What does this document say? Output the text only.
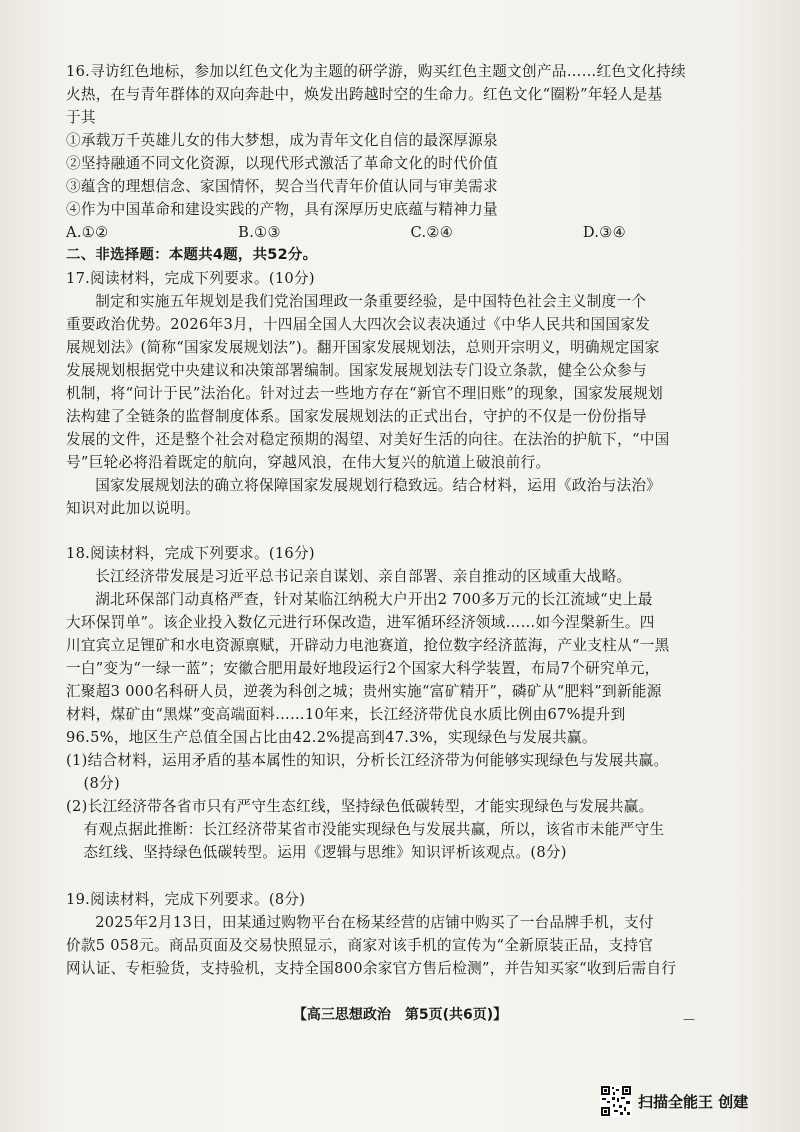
16.寻访红色地标，参加以红色文化为主题的研学游，购买红色主题文创产品……红色文化持续

火热，在与青年群体的双向奔赴中，焕发出跨越时空的生命力。红色文化“圈粉”年轻人是基

于其

①承载万千英雄儿女的伟大梦想，成为青年文化自信的最深厚源泉

②坚持融通不同文化资源，以现代形式激活了革命文化的时代价值

③蕴含的理想信念、家国情怀，契合当代青年价值认同与审美需求

④作为中国革命和建设实践的产物，具有深厚历史底蕴与精神力量

A.①②	B.①③	C.②④	D.③④

二、非选择题：本题共4题，共52分。

17.阅读材料，完成下列要求。(10分)

制定和实施五年规划是我们党治国理政一条重要经验，是中国特色社会主义制度一个

重要政治优势。2026年3月，十四届全国人大四次会议表决通过《中华人民共和国国家发

展规划法》(简称“国家发展规划法”)。翻开国家发展规划法，总则开宗明义，明确规定国家

发展规划根据党中央建议和决策部署编制。国家发展规划法专门设立条款，健全公众参与

机制，将“问计于民”法治化。针对过去一些地方存在“新官不理旧账”的现象，国家发展规划

法构建了全链条的监督制度体系。国家发展规划法的正式出台，守护的不仅是一份份指导

发展的文件，还是整个社会对稳定预期的渴望、对美好生活的向往。在法治的护航下，“中国

号”巨轮必将沿着既定的航向，穿越风浪，在伟大复兴的航道上破浪前行。

国家发展规划法的确立将保障国家发展规划行稳致远。结合材料，运用《政治与法治》

知识对此加以说明。

18.阅读材料，完成下列要求。(16分)

长江经济带发展是习近平总书记亲自谋划、亲自部署、亲自推动的区域重大战略。

湖北环保部门动真格严查，针对某临江纳税大户开出2 700多万元的长江流域“史上最

大环保罚单”。该企业投入数亿元进行环保改造，进军循环经济领域……如今涅槃新生。四

川宜宾立足锂矿和水电资源禀赋，开辟动力电池赛道，抢位数字经济蓝海，产业支柱从“一黑

一白”变为“一绿一蓝”；安徽合肥用最好地段运行2个国家大科学装置，布局7个研究单元，

汇聚超3 000名科研人员，逆袭为科创之城；贵州实施“富矿精开”，磷矿从“肥料”到新能源

材料，煤矿由“黑煤”变高端面料……10年来，长江经济带优良水质比例由67%提升到

96.5%，地区生产总值全国占比由42.2%提高到47.3%，实现绿色与发展共赢。

(1)结合材料，运用矛盾的基本属性的知识，分析长江经济带为何能够实现绿色与发展共赢。

(8分)

(2)长江经济带各省市只有严守生态红线，坚持绿色低碳转型，才能实现绿色与发展共赢。

有观点据此推断：长江经济带某省市没能实现绿色与发展共赢，所以，该省市未能严守生

态红线、坚持绿色低碳转型。运用《逻辑与思维》知识评析该观点。(8分)

19.阅读材料，完成下列要求。(8分)

2025年2月13日，田某通过购物平台在杨某经营的店铺中购买了一台品牌手机，支付

价款5 058元。商品页面及交易快照显示，商家对该手机的宣传为“全新原装正品，支持官

网认证、专柜验货，支持验机，支持全国800余家官方售后检测”，并告知买家“收到后需自行

【高三思想政治　第5页(共6页)】	—
扫描全能王 创建
